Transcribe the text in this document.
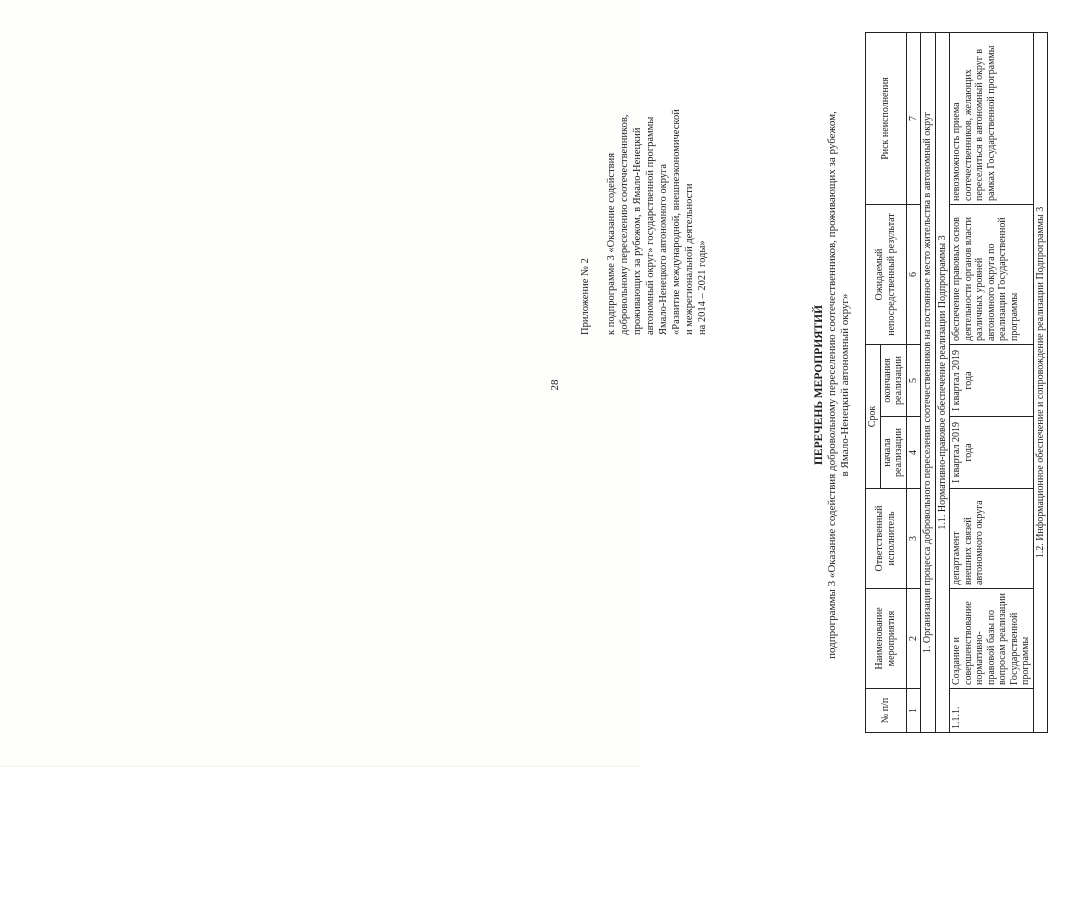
28
Приложение № 2 к подпрограмме 3 «Оказание содействия добровольному переселению соотечественников, проживающих за рубежом, в Ямало-Ненецкий автономный округ» государственной программы Ямало-Ненецкого автономного округа «Развитие международной, внешнеэкономической и межрегиональной деятельности на 2014 – 2021 годы»
ПЕРЕЧЕНЬ МЕРОПРИЯТИЙ подпрограммы 3 «Оказание содействия добровольному переселению соотечественников, проживающих за рубежом, в Ямало-Ненецкий автономный округ»
№ п/п	Наименование мероприятия	Ответственный исполнитель	Срок		Ожидаемый непосредственный результат	Риск неисполнения
			начала реализации	окончания реализации		
1	2	3	4	5	6	7
1. Организация процесса добровольного переселения соотечественников на постоянное место жительства в автономный округ						
1.1. Нормативно-правовое обеспечение реализации Подпрограммы 3						
1.1.1.	Создание и совершенствование нормативно-правовой базы по вопросам реализации Государственной программы	департамент внешних связей автономного округа	I квартал 2019 года	I квартал 2019 года	обеспечение правовых основ деятельности органов власти различных уровней автономного округа по реализации Государственной программы	невозможность приема соотечественников, желающих переселиться в автономный округ в рамках Государственной программы
1.2. Информационное обеспечение и сопровождение реализации Подпрограммы 3						
